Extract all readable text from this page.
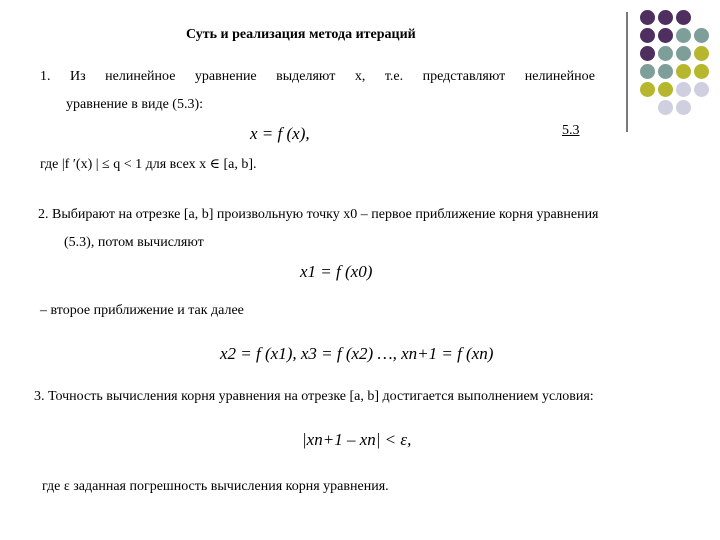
Суть и реализация метода итераций
1. Из нелинейное уравнение выделяют x, т.е. представляют нелинейное
уравнение в виде (5.3):
x = f (x),	5.3
где |f ′(x) | ≤ q < 1 для всех x ∈ [a, b].
2. Выбирают на отрезке [a, b] произвольную точку x0 – первое приближение корня уравнения
(5.3), потом вычисляют
x1 = f (x0)
– второе приближение и так далее
x2 = f (x1), x3 = f (x2) …, xn+1 = f (xn)
3. Точность вычисления корня уравнения на отрезке [a, b] достигается выполнением условия:
|xn+1 – xn| < ε,
где ε заданная погрешность вычисления корня уравнения.
